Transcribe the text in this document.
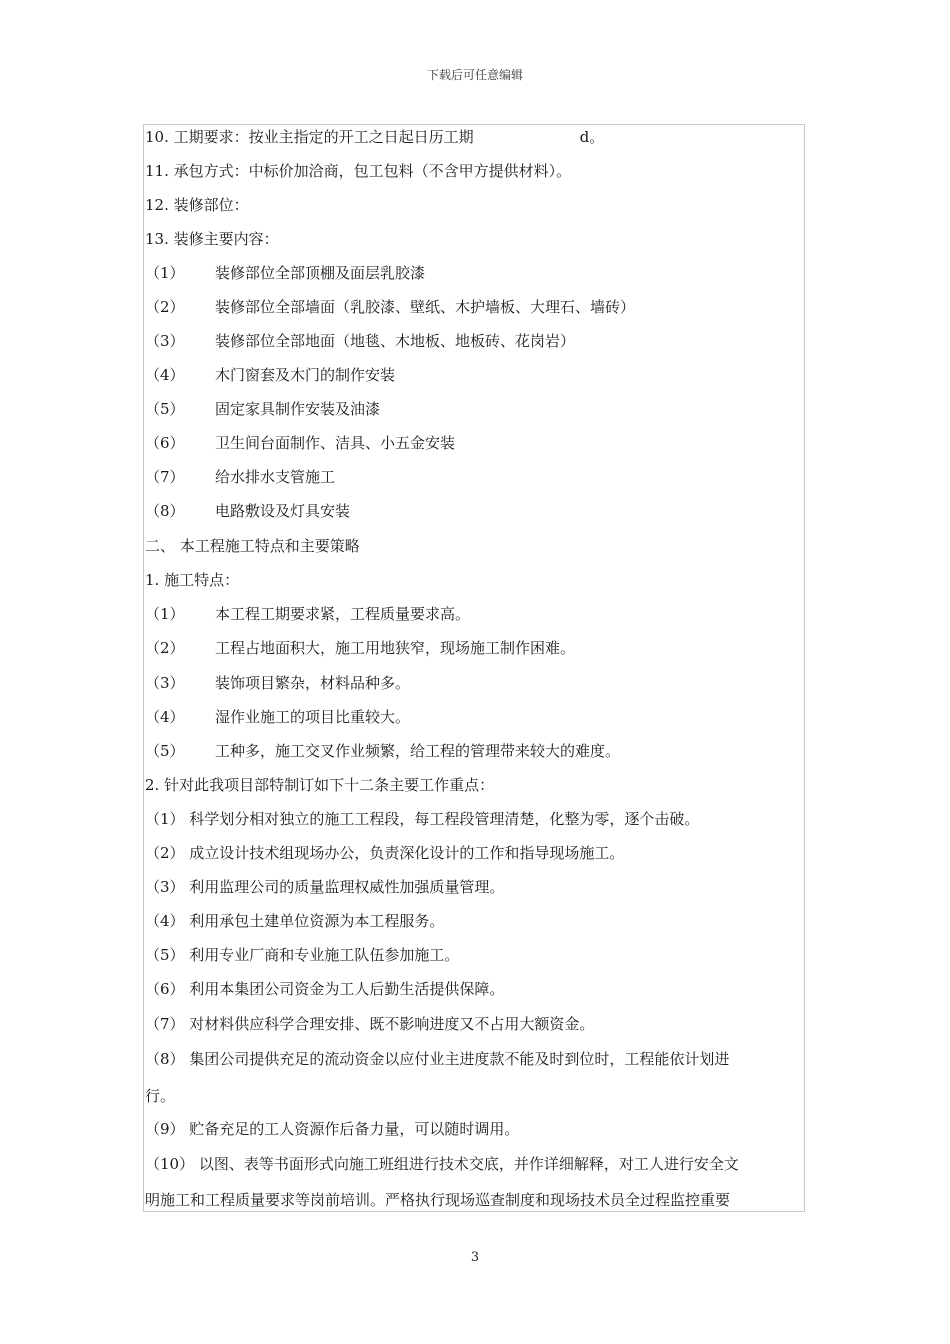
下载后可任意编辑
10. 工期要求：按业主指定的开工之日起日历工期	d。
11. 承包方式：中标价加洽商，包工包料（不含甲方提供材料）。
12. 装修部位：
13. 装修主要内容：
（1） 装修部位全部顶棚及面层乳胶漆
（2） 装修部位全部墙面（乳胶漆、壁纸、木护墙板、大理石、墙砖）
（3） 装修部位全部地面（地毯、木地板、地板砖、花岗岩）
（4） 木门窗套及木门的制作安装
（5） 固定家具制作安装及油漆
（6） 卫生间台面制作、洁具、小五金安装
（7） 给水排水支管施工
（8） 电路敷设及灯具安装
二、 本工程施工特点和主要策略
1. 施工特点：
（1） 本工程工期要求紧，工程质量要求高。
（2） 工程占地面积大，施工用地狭窄，现场施工制作困难。
（3） 装饰项目繁杂，材料品种多。
（4） 湿作业施工的项目比重较大。
（5） 工种多，施工交叉作业频繁，给工程的管理带来较大的难度。
2. 针对此我项目部特制订如下十二条主要工作重点：
（1） 科学划分相对独立的施工工程段，每工程段管理清楚，化整为零，逐个击破。
（2） 成立设计技术组现场办公，负责深化设计的工作和指导现场施工。
（3） 利用监理公司的质量监理权威性加强质量管理。
（4） 利用承包土建单位资源为本工程服务。
（5） 利用专业厂商和专业施工队伍参加施工。
（6） 利用本集团公司资金为工人后勤生活提供保障。
（7） 对材料供应科学合理安排、既不影响进度又不占用大额资金。
（8） 集团公司提供充足的流动资金以应付业主进度款不能及时到位时，工程能依计划进
行。
（9） 贮备充足的工人资源作后备力量，可以随时调用。
（10） 以图、表等书面形式向施工班组进行技术交底，并作详细解释，对工人进行安全文
明施工和工程质量要求等岗前培训。严格执行现场巡查制度和现场技术员全过程监控重要
3
